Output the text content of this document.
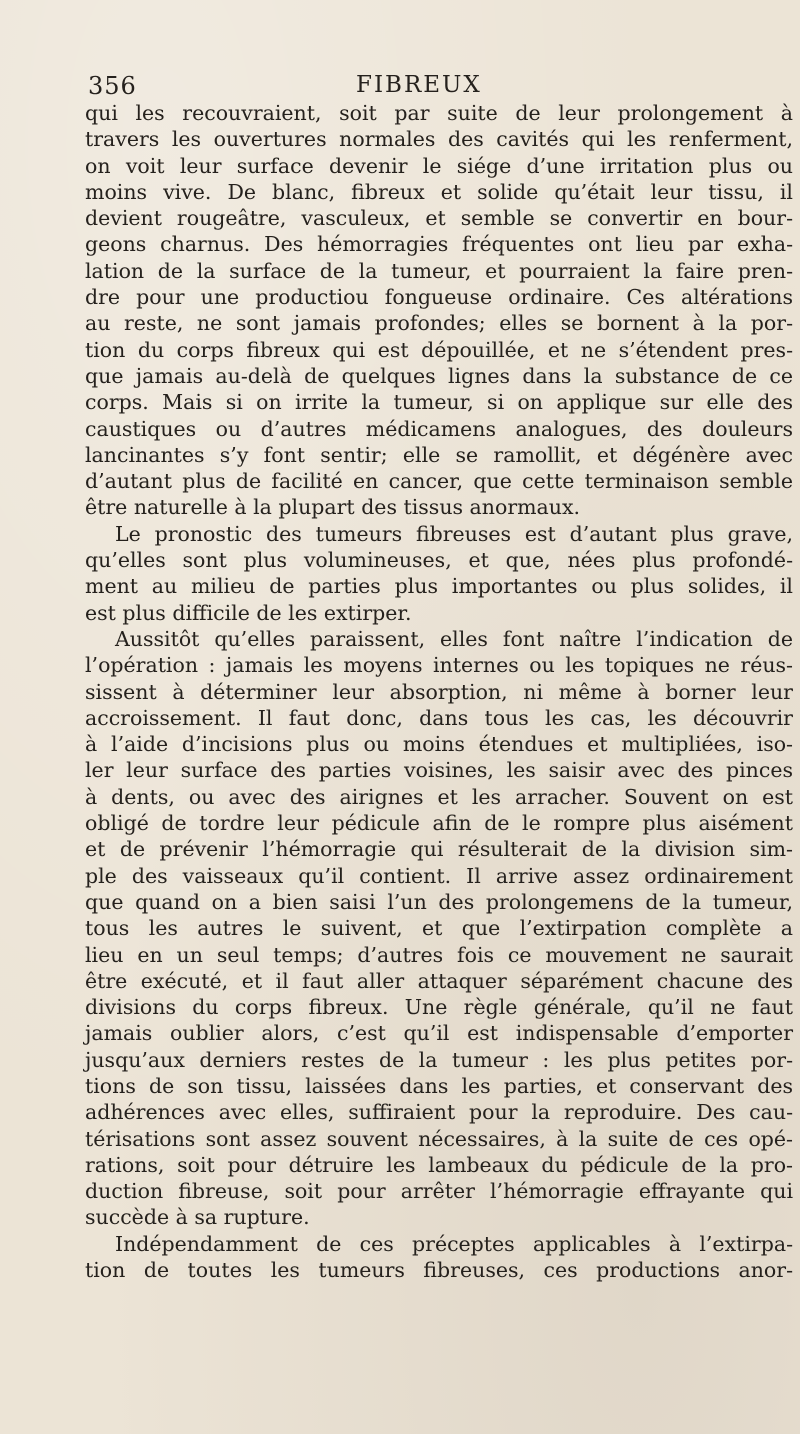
356	FIBREUX
qui les recouvraient, soit par suite de leur prolongement à
travers les ouvertures normales des cavités qui les renferment,
on voit leur surface devenir le siége d’une irritation plus ou
moins vive. De blanc, fibreux et solide qu’était leur tissu, il
devient rougeâtre, vasculeux, et semble se convertir en bour-
geons charnus. Des hémorragies fréquentes ont lieu par exha-
lation de la surface de la tumeur, et pourraient la faire pren-
dre pour une productiou fongueuse ordinaire. Ces altérations
au reste, ne sont jamais profondes; elles se bornent à la por-
tion du corps fibreux qui est dépouillée, et ne s’étendent pres-
que jamais au-delà de quelques lignes dans la substance de ce
corps. Mais si on irrite la tumeur, si on applique sur elle des
caustiques ou d’autres médicamens analogues, des douleurs
lancinantes s’y font sentir; elle se ramollit, et dégénère avec
d’autant plus de facilité en cancer, que cette terminaison semble
être naturelle à la plupart des tissus anormaux.
Le pronostic des tumeurs fibreuses est d’autant plus grave,
qu’elles sont plus volumineuses, et que, nées plus profondé-
ment au milieu de parties plus importantes ou plus solides, il
est plus difficile de les extirper.
Aussitôt qu’elles paraissent, elles font naître l’indication de
l’opération : jamais les moyens internes ou les topiques ne réus-
sissent à déterminer leur absorption, ni même à borner leur
accroissement. Il faut donc, dans tous les cas, les découvrir
à l’aide d’incisions plus ou moins étendues et multipliées, iso-
ler leur surface des parties voisines, les saisir avec des pinces
à dents, ou avec des airignes et les arracher. Souvent on est
obligé de tordre leur pédicule afin de le rompre plus aisément
et de prévenir l’hémorragie qui résulterait de la division sim-
ple des vaisseaux qu’il contient. Il arrive assez ordinairement
que quand on a bien saisi l’un des prolongemens de la tumeur,
tous les autres le suivent, et que l’extirpation complète a
lieu en un seul temps; d’autres fois ce mouvement ne saurait
être exécuté, et il faut aller attaquer séparément chacune des
divisions du corps fibreux. Une règle générale, qu’il ne faut
jamais oublier alors, c’est qu’il est indispensable d’emporter
jusqu’aux derniers restes de la tumeur : les plus petites por-
tions de son tissu, laissées dans les parties, et conservant des
adhérences avec elles, suffiraient pour la reproduire. Des cau-
térisations sont assez souvent nécessaires, à la suite de ces opé-
rations, soit pour détruire les lambeaux du pédicule de la pro-
duction fibreuse, soit pour arrêter l’hémorragie effrayante qui
succède à sa rupture.
Indépendamment de ces préceptes applicables à l’extirpa-
tion de toutes les tumeurs fibreuses, ces productions anor-
